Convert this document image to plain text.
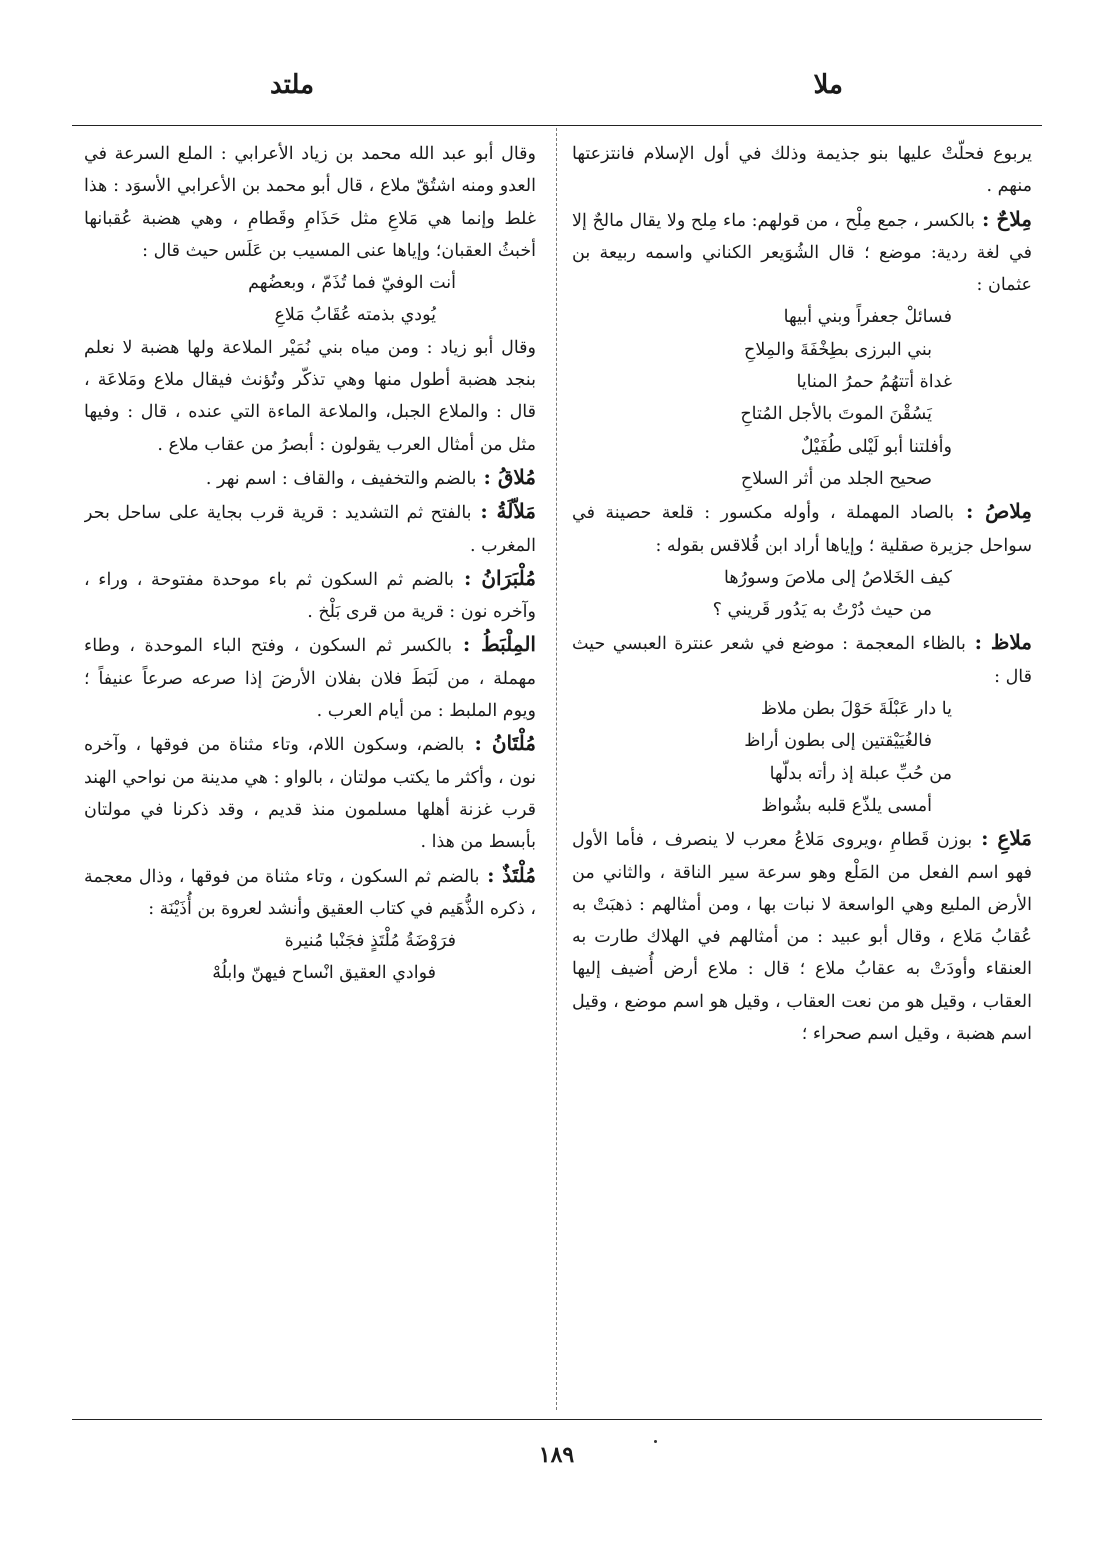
ملا
ملتد

يربوع فحلّتْ عليها بنو جذيمة وذلك في أول الإسلام فانتزعتها منهم .

مِلاحٌ : بالكسر ، جمع مِلْح ، من قولهم: ماء مِلح ولا يقال مالحٌ إلا في لغة ردية: موضع ؛ قال الشُوَيعر الكناني واسمه ربيعة بن عثمان :

فسائلْ جعفراً وبني أبيها
بني البرزى بطِخْفَةَ والمِلاحِ
غداة أتتهُمُ حمرُ المنايا
يَسُقْنَ الموتَ بالأجل المُتاحِ
وأفلتنا أبو لَيْلى طُفَيْلٌ
صحيح الجلد من أثر السلاحِ

مِلاصُ : بالصاد المهملة ، وأوله مكسور : قلعة حصينة في سواحل جزيرة صقلية ؛ وإياها أراد ابن قُلاقس بقوله :

كيف الخَلاصُ إلى ملاصَ وسورُها
من حيث دُرْتُ به يَدُور قَريني ؟

ملاظ : بالظاء المعجمة : موضع في شعر عنترة العبسي حيث قال :

يا دار عَبْلَةَ حَوْلَ بطن ملاظ
فالغُيَيْقتين إلى بطون أراظ
من حُبِّ عبلة إذ رأته بدلّها
أمسى يلذّع قلبه بشُواظ

مَلاعِ : بوزن قَطامِ ،ويروى مَلاعُ معرب لا ينصرف ، فأما الأول فهو اسم الفعل من المَلْع وهو سرعة سير الناقة ، والثاني من الأرض المليع وهي الواسعة لا نبات بها ، ومن أمثالهم : ذهبَتْ به عُقابُ مَلاع ، وقال أبو عبيد : من أمثالهم في الهلاك طارت به العنقاء وأودَتْ به عقابُ ملاع ؛ قال : ملاع أرض أُضيف إليها العقاب ، وقيل هو من نعت العقاب ، وقيل هو اسم موضع ، وقيل اسم هضبة ، وقيل اسم صحراء ؛

وقال أبو عبد الله محمد بن زياد الأعرابي : الملع السرعة في العدو ومنه اشتُقّ ملاع ، قال أبو محمد بن الأعرابي الأسوَد : هذا غلط وإنما هي مَلاعِ مثل حَذَامِ وقَطامِ ، وهي هضبة عُقبانها أخبثُ العقبان؛ وإياها عنى المسيب بن عَلَس حيث قال :

أنت الوفيّ فما تُذَمّ ، وبعضُهم
يُودي بذمته عُقَابُ مَلاعِ

وقال أبو زياد : ومن مياه بني نُمَيْر الملاعة ولها هضبة لا نعلم بنجد هضبة أطول منها وهي تذكّر وتُؤنث فيقال ملاع ومَلاعَة ، قال : والملاع الجبل، والملاعة الماءة التي عنده ، قال : وفيها مثل من أمثال العرب يقولون : أبصرُ من عقاب ملاع .

مُلاقُ : بالضم والتخفيف ، والقاف : اسم نهر .

مَلاّلَةُ : بالفتح ثم التشديد : قرية قرب بجاية على ساحل بحر المغرب .

مُلْبَرَانُ : بالضم ثم السكون ثم باء موحدة مفتوحة ، وراء ، وآخره نون : قرية من قرى بَلْخ .

المِلْبَطُ : بالكسر ثم السكون ، وفتح الباء الموحدة ، وطاء مهملة ، من لَبَطَ فلان بفلان الأرضَ إذا صرعه صرعاً عنيفاً ؛ ويوم الملبط : من أيام العرب .

مُلْتَانُ : بالضم، وسكون اللام، وتاء مثناة من فوقها ، وآخره نون ، وأكثر ما يكتب مولتان ، بالواو : هي مدينة من نواحي الهند قرب غزنة أهلها مسلمون منذ قديم ، وقد ذكرنا في مولتان بأبسط من هذا .

مُلْتَذٌ : بالضم ثم السكون ، وتاء مثناة من فوقها ، وذال معجمة ، ذكره الذُّهَيم في كتاب العقيق وأنشد لعروة بن أُذَيْنَة :

فرَوْضَةُ مُلْتَذٍ فجَنْبا مُنيرة
فوادي العقيق انْساح فيهنّ وابلُهْ
١٨٩
